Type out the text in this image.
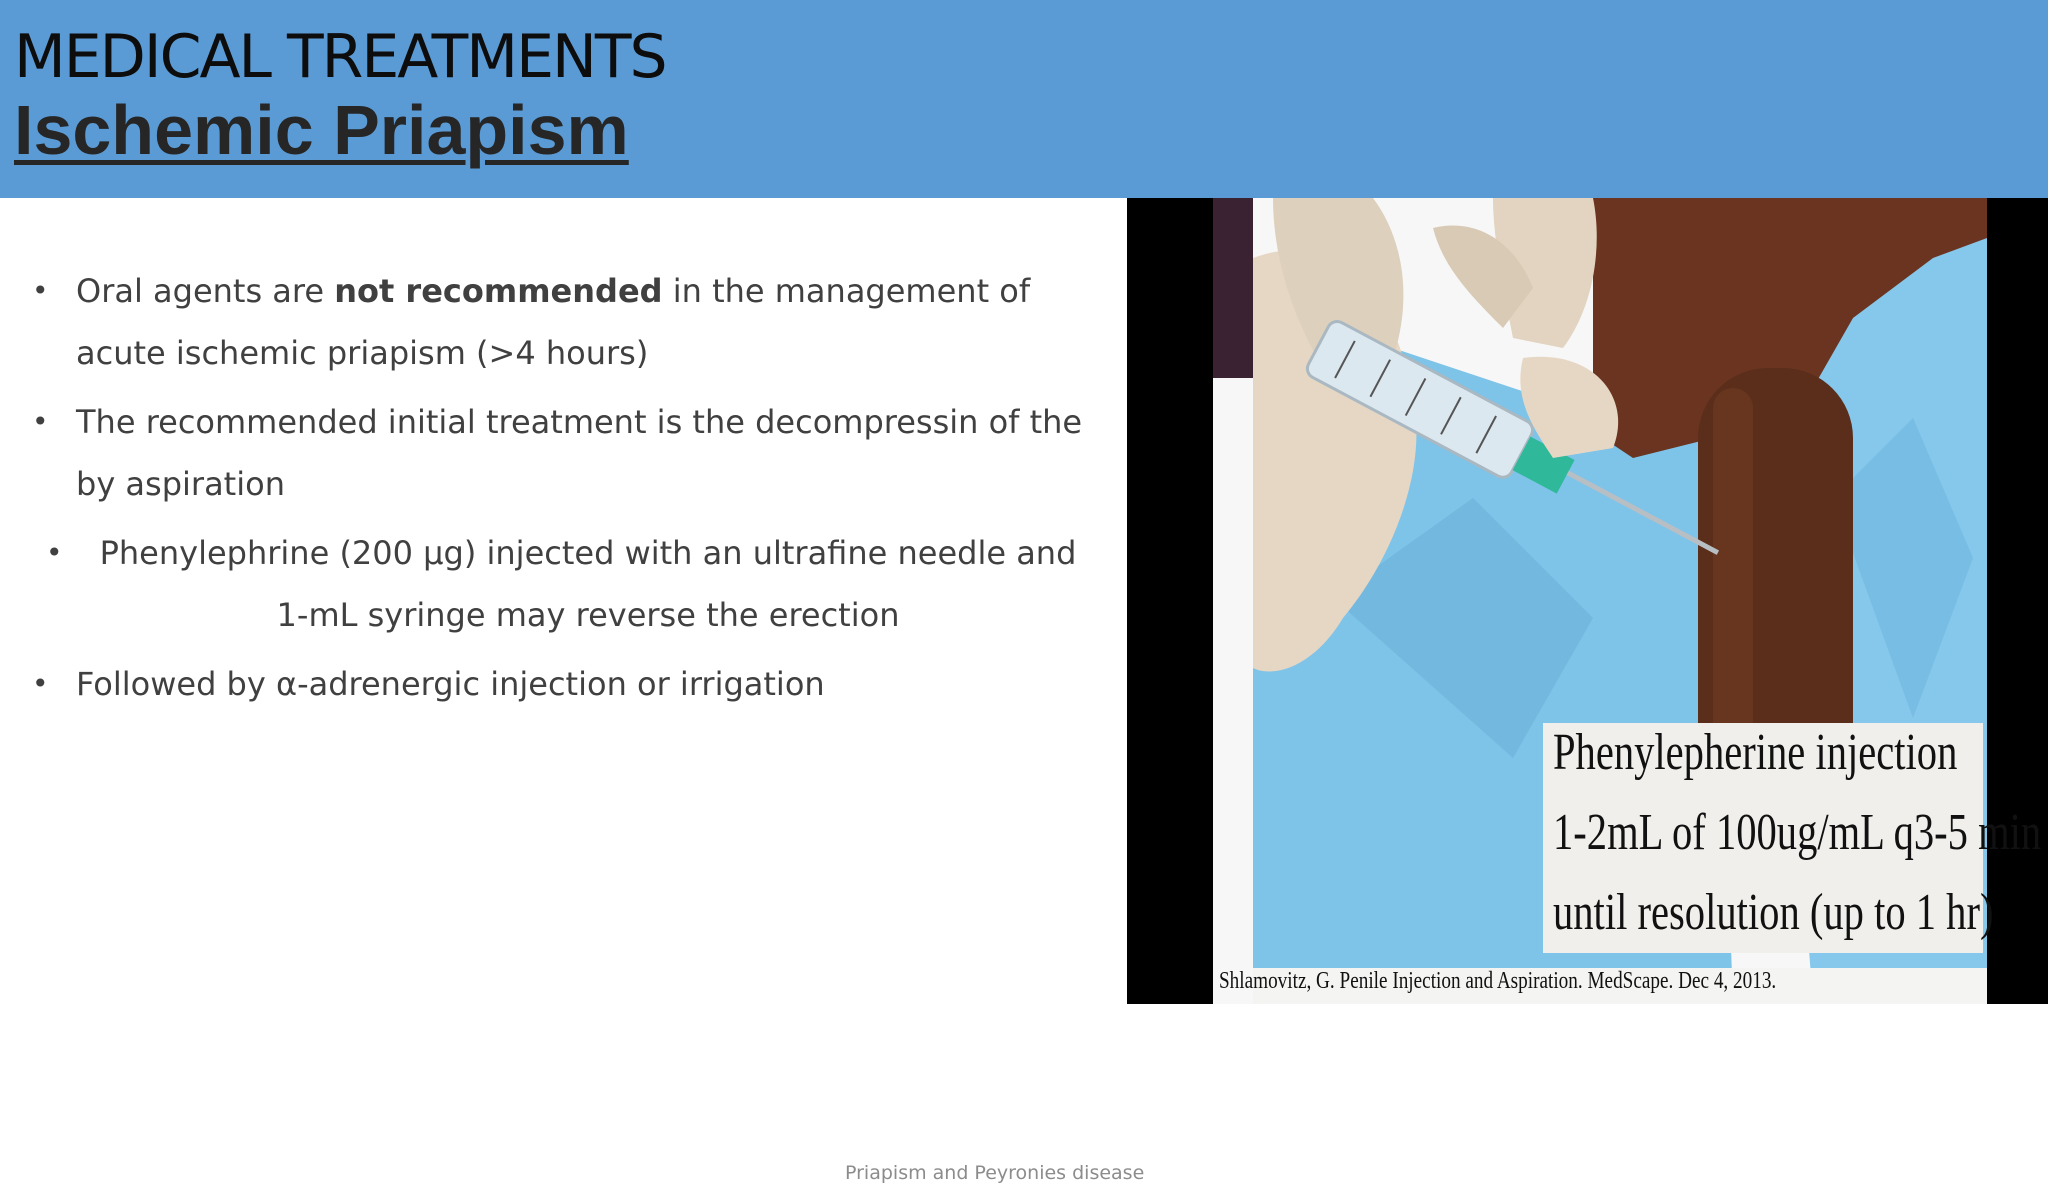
MEDICAL TREATMENTS
Ischemic Priapism
• Oral agents are not recommended in the management of acute ischemic priapism (>4 hours)
• The recommended initial treatment is the decompressin of the by aspiration
• Phenylephrine (200 µg) injected with an ultrafine needle and 1-mL syringe may reverse the erection
• Followed by α-adrenergic injection or irrigation
Priapism and Peyronies disease
Phenylepherine injection
1-2mL of 100ug/mL q3-5 min
until resolution (up to 1 hr)
Shlamovitz, G. Penile Injection and Aspiration. MedScape. Dec 4, 2013.
